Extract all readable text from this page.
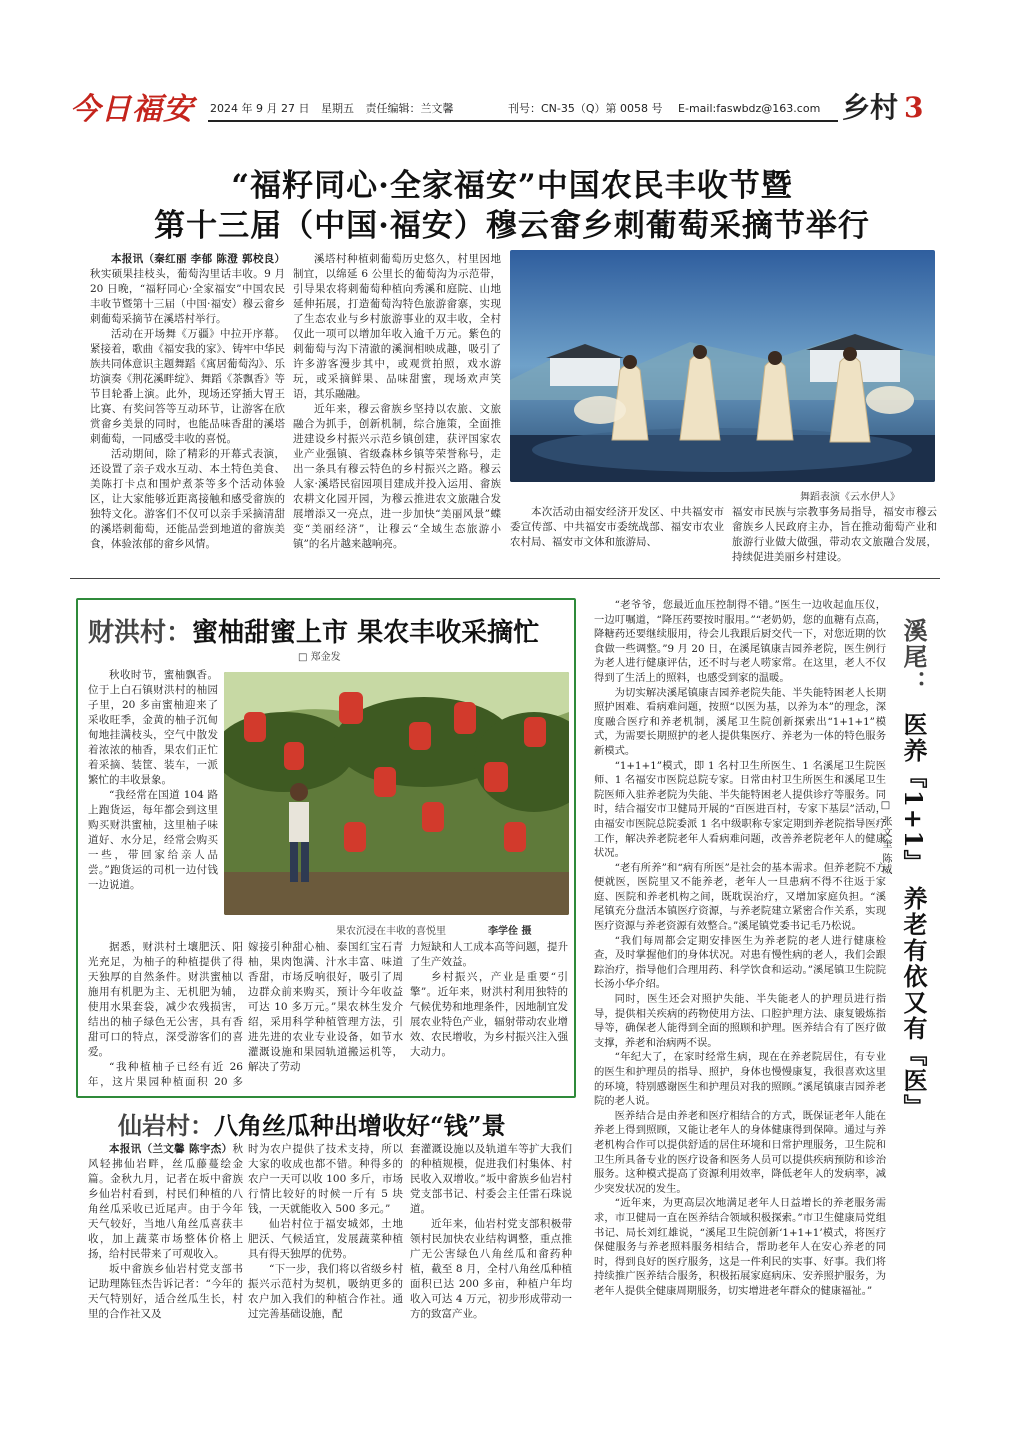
今日福安 2024 年 9 月 27 日 星期五 责任编辑：兰文馨	刊号：CN-35（Q）第 0058 号 E-mail:faswbdz@163.com 乡村 3
“福籽同心·全家福安”中国农民丰收节暨
第十三届（中国·福安）穆云畲乡刺葡萄采摘节举行

本报讯（秦红丽 李郁 陈澄 郭校良）秋实硕果挂枝头，葡萄沟里话丰收。9 月 20 日晚，“福籽同心·全家福安”中国农民丰收节暨第十三届（中国·福安）穆云畲乡刺葡萄采摘节在溪塔村举行。

活动在开场舞《万疆》中拉开序幕。紧接着，歌曲《福安我的家》、铸牢中华民族共同体意识主题舞蹈《寓居葡萄沟》、乐坊演奏《荆花溪畔绽》、舞蹈《茶飘香》等节目轮番上演。此外，现场还穿插大胃王比赛、有奖问答等互动环节，让游客在欣赏畲乡美景的同时，也能品味香甜的溪塔刺葡萄，一同感受丰收的喜悦。

活动期间，除了精彩的开幕式表演，还设置了亲子戏水互动、本土特色美食、美陈打卡点和围炉煮茶等多个活动体验区，让大家能够近距离接触和感受畲族的独特文化。游客们不仅可以亲手采摘清甜的溪塔刺葡萄，还能品尝到地道的畲族美食，体验浓郁的畲乡风情。

溪塔村种植刺葡萄历史悠久，村里因地制宜，以绵延 6 公里长的葡萄沟为示范带，引导果农将刺葡萄种植向秀溪和庭院、山地延伸拓展，打造葡萄沟特色旅游畲寨，实现了生态农业与乡村旅游事业的双丰收，全村仅此一项可以增加年收入逾千万元。紫色的刺葡萄与沟下清澈的溪涧相映成趣，吸引了许多游客漫步其中，或观赏拍照，戏水游玩，或采摘鲜果、品味甜蜜，现场欢声笑语，其乐融融。

近年来，穆云畲族乡坚持以农旅、文旅融合为抓手，创新机制，综合施策，全面推进建设乡村振兴示范乡镇创建，获评国家农业产业强镇、省级森林乡镇等荣誉称号，走出一条具有穆云特色的乡村振兴之路。穆云人家·溪塔民宿园项目建成并投入运用、畲族农耕文化园开园，为穆云推进农文旅融合发展增添又一亮点，进一步加快“美丽风景”蝶变“美丽经济”，让穆云“全域生态旅游小镇”的名片越来越响亮。

舞蹈表演《云水伊人》

本次活动由福安经济开发区、中共福安市委宣传部、中共福安市委统战部、福安市农业农村局、福安市文体和旅游局、

福安市民族与宗教事务局指导，福安市穆云畲族乡人民政府主办，旨在推动葡萄产业和旅游行业做大做强，带动农文旅融合发展，持续促进美丽乡村建设。

财洪村：蜜柚甜蜜上市 果农丰收采摘忙
□ 郑金发

秋收时节，蜜柚飘香。位于上白石镇财洪村的柚园子里，20 多亩蜜柚迎来了采收旺季，金黄的柚子沉甸甸地挂满枝头，空气中散发着浓浓的柚香，果农们正忙着采摘、装筐、装车，一派繁忙的丰收景象。

“我经常在国道 104 路上跑货运，每年都会到这里购买财洪蜜柚，这里柚子味道好、水分足，经常会购买一些，带回家给亲人品尝。”跑货运的司机一边付钱一边说道。

果农沉浸在丰收的喜悦里	李学佺 摄

据悉，财洪村土壤肥沃、阳光充足，为柚子的种植提供了得天独厚的自然条件。财洪蜜柚以施用有机肥为主、无机肥为辅，使用水果套袋，减少农残损害，结出的柚子绿色无公害，具有香甜可口的特点，深受游客们的喜爱。

“我种植柚子已经有近 26 年，这片果园种植面积 20 多

嫁接引种甜心柚、泰国红宝石青柚，果肉饱满、汁水丰富、味道香甜，市场反响很好，吸引了周边群众前来购买，预计今年收益可达 10 多万元。”果农林生发介绍，采用科学种植管理方法，引进先进的农业专业设备，如节水灌溉设施和果园轨道搬运机等，解决了劳动

力短缺和人工成本高等问题，提升了生产效益。

乡村振兴，产业是重要“引擎”。近年来，财洪村利用独特的气候优势和地理条件，因地制宜发展农业特色产业，辐射带动农业增效、农民增收，为乡村振兴注入强大动力。

仙岩村：八角丝瓜种出增收好“钱”景

本报讯（兰文馨 陈宇杰）秋风轻拂仙岩畔，丝瓜藤蔓绘金篇。金秋九月，记者在坂中畲族乡仙岩村看到，村民们种植的八角丝瓜采收已近尾声。由于今年天气较好，当地八角丝瓜喜获丰收，加上蔬菜市场整体价格上扬，给村民带来了可观收入。

坂中畲族乡仙岩村党支部书记助理陈钰杰告诉记者：“今年的天气特别好，适合丝瓜生长，村里的合作社又及

时为农户提供了技术支持，所以大家的收成也都不错。种得多的农户一天可以收 100 多斤，市场行情比较好的时候一斤有 5 块钱，一天就能收入 500 多元。”

仙岩村位于福安城郊，土地肥沃、气候适宜，发展蔬菜种植具有得天独厚的优势。

“下一步，我们将以省级乡村振兴示范村为契机，吸纳更多的农户加入我们的种植合作社。通过完善基础设施，配

套灌溉设施以及轨道车等扩大我们的种植规模，促进我们村集体、村民收入双增收。”坂中畲族乡仙岩村党支部书记、村委会主任雷石珠说道。

近年来，仙岩村党支部积极带领村民加快农业结构调整，重点推广无公害绿色八角丝瓜和畲药种植，截至 8 月，全村八角丝瓜种植面积已达 200 多亩，种植户年均收入可达 4 万元，初步形成带动一方的致富产业。

“老爷爷，您最近血压控制得不错。”医生一边收起血压仪，一边叮嘱道，“降压药要按时服用。”“老奶奶，您的血糖有点高，降糖药还要继续服用，待会儿我跟后厨交代一下，对您近期的饮食做一些调整。”9 月 20 日，在溪尾镇康吉园养老院，医生例行为老人进行健康评估，还不时与老人唠家常。在这里，老人不仅得到了生活上的照料，也感受到家的温暖。

为切实解决溪尾镇康吉园养老院失能、半失能特困老人长期照护困难、看病难问题，按照“以医为基，以养为本”的理念，深度融合医疗和养老机制，溪尾卫生院创新探索出“1+1+1”模式，为需要长期照护的老人提供集医疗、养老为一体的特色服务新模式。

“1+1+1”模式，即 1 名村卫生所医生、1 名溪尾卫生院医师、1 名福安市医院总院专家。日常由村卫生所医生和溪尾卫生院医师入驻养老院为失能、半失能特困老人提供诊疗等服务。同时，结合福安市卫健局开展的“百医进百村，专家下基层”活动，由福安市医院总院委派 1 名中级职称专家定期到养老院指导医疗工作，解决养老院老年人看病难问题，改善养老院老年人的健康状况。

“老有所养”和“病有所医”是社会的基本需求。但养老院不方便就医，医院里又不能养老，老年人一旦患病不得不往返于家庭、医院和养老机构之间，既耽误治疗，又增加家庭负担。“溪尾镇充分盘活本镇医疗资源，与养老院建立紧密合作关系，实现医疗资源与养老资源有效整合。”溪尾镇党委书记毛乃松说。

“我们每周都会定期安排医生为养老院的老人进行健康检查，及时掌握他们的身体状况。对患有慢性病的老人，我们会跟踪治疗，指导他们合理用药、科学饮食和运动。”溪尾镇卫生院院长汤小华介绍。

同时，医生还会对照护失能、半失能老人的护理员进行指导，提供相关疾病的药物使用方法、口腔护理方法、康复锻炼指导等，确保老人能得到全面的照顾和护理。医养结合有了医疗做支撑，养老和治病两不误。

“年纪大了，在家时经常生病，现在在养老院居住，有专业的医生和护理员的指导、照护，身体也慢慢康复，我很喜欢这里的环境，特别感谢医生和护理员对我的照顾。”溪尾镇康吉园养老院的老人说。

医养结合是由养老和医疗相结合的方式，既保证老年人能在养老上得到照顾，又能让老年人的身体健康得到保障。通过与养老机构合作可以提供舒适的居住环境和日常护理服务，卫生院和卫生所具备专业的医疗设备和医务人员可以提供疾病预防和诊治服务。这种模式提高了资源利用效率，降低老年人的发病率，减少突发状况的发生。

“近年来，为更高层次地满足老年人日益增长的养老服务需求，市卫健局一直在医养结合领域积极探索。”市卫生健康局党组书记、局长刘红雄说，“溪尾卫生院创新‘1+1+1’模式，将医疗保健服务与养老照料服务相结合，帮助老年人在安心养老的同时，得到良好的医疗服务，这是一件利民的实事、好事。我们将持续推广医养结合服务，积极拓展家庭病床、安养照护服务，为老年人提供全健康周期服务，切实增进老年群众的健康福祉。”

溪尾：
医养『1+1』 养老有依又有『医』
□ 张文奎 陈威
